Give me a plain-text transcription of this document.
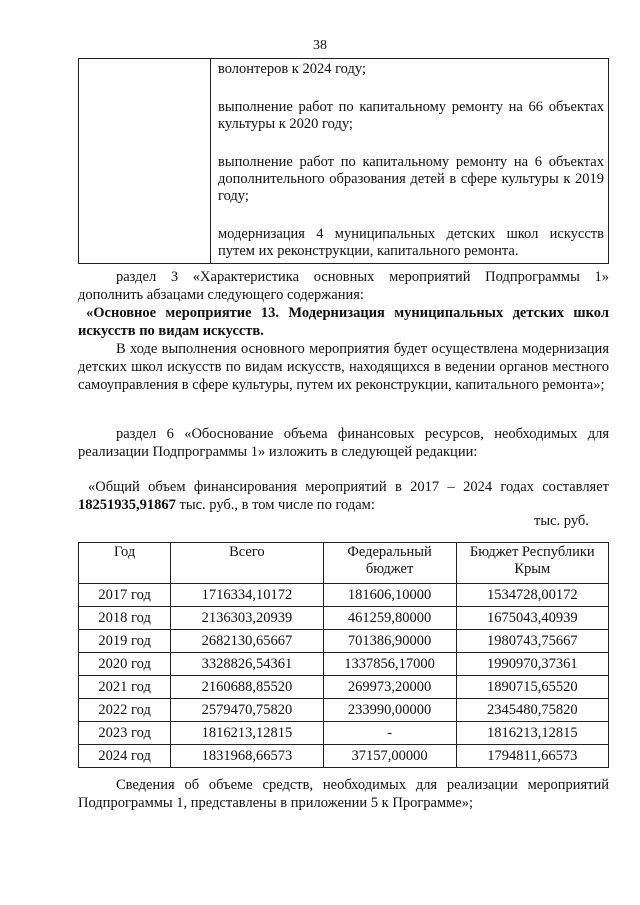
38

волонтеров к 2024 году;

выполнение работ по капитальному ремонту на 66 объектах культуры к 2020 году;

выполнение работ по капитальному ремонту на 6 объектах дополнительного образования детей в сфере культуры к 2019 году;

модернизация 4 муниципальных детских школ искусств путем их реконструкции, капитального ремонта.

раздел 3 «Характеристика основных мероприятий Подпрограммы 1» дополнить абзацами следующего содержания:

«Основное мероприятие 13. Модернизация муниципальных детских школ искусств по видам искусств.

В ходе выполнения основного мероприятия будет осуществлена модернизация детских школ искусств по видам искусств, находящихся в ведении органов местного самоуправления в сфере культуры, путем их реконструкции, капитального ремонта»;

раздел 6 «Обоснование объема финансовых ресурсов, необходимых для реализации Подпрограммы 1» изложить в следующей редакции:

«Общий объем финансирования мероприятий в 2017 – 2024 годах составляет 18251935,91867 тыс. руб., в том числе по годам:

тыс. руб.
Год	Всего	Федеральный бюджет	Бюджет Республики Крым
2017 год	1716334,10172	181606,10000	1534728,00172
2018 год	2136303,20939	461259,80000	1675043,40939
2019 год	2682130,65667	701386,90000	1980743,75667
2020 год	3328826,54361	1337856,17000	1990970,37361
2021 год	2160688,85520	269973,20000	1890715,65520
2022 год	2579470,75820	233990,00000	2345480,75820
2023 год	1816213,12815	-	1816213,12815
2024 год	1831968,66573	37157,00000	1794811,66573

Сведения об объеме средств, необходимых для реализации мероприятий Подпрограммы 1, представлены в приложении 5 к Программе»;
